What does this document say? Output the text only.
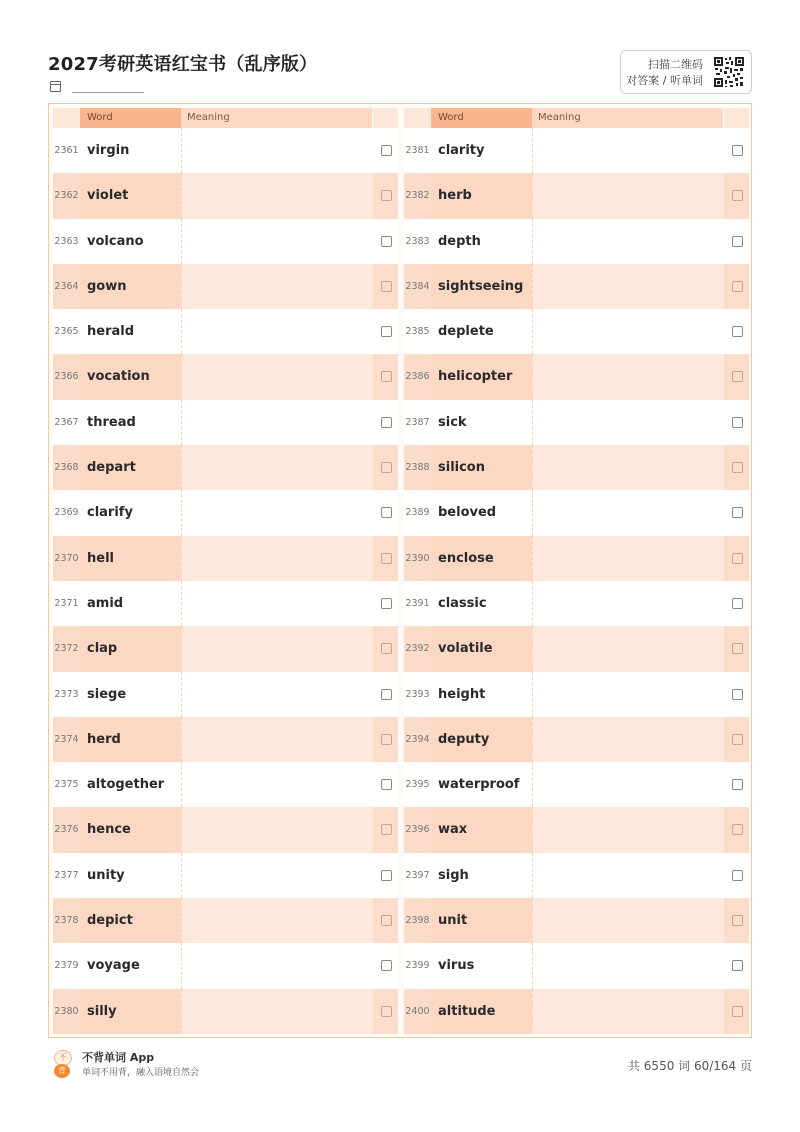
2027考研英语红宝书（乱序版）	扫描二维码
对答案 / 听单词
Word	Meaning
2361 virgin
2362 violet
2363 volcano
2364 gown
2365 herald
2366 vocation
2367 thread
2368 depart
2369 clarify
2370 hell
2371 amid
2372 clap
2373 siege
2374 herd
2375 altogether
2376 hence
2377 unity
2378 depict
2379 voyage
2380 silly
Word	Meaning
2381 clarity
2382 herb
2383 depth
2384 sightseeing
2385 deplete
2386 helicopter
2387 sick
2388 silicon
2389 beloved
2390 enclose
2391 classic
2392 volatile
2393 height
2394 deputy
2395 waterproof
2396 wax
2397 sigh
2398 unit
2399 virus
2400 altitude
不
背
不背单词 App
单词不用背，融入语境自然会	共 6550 词 60/164 页
